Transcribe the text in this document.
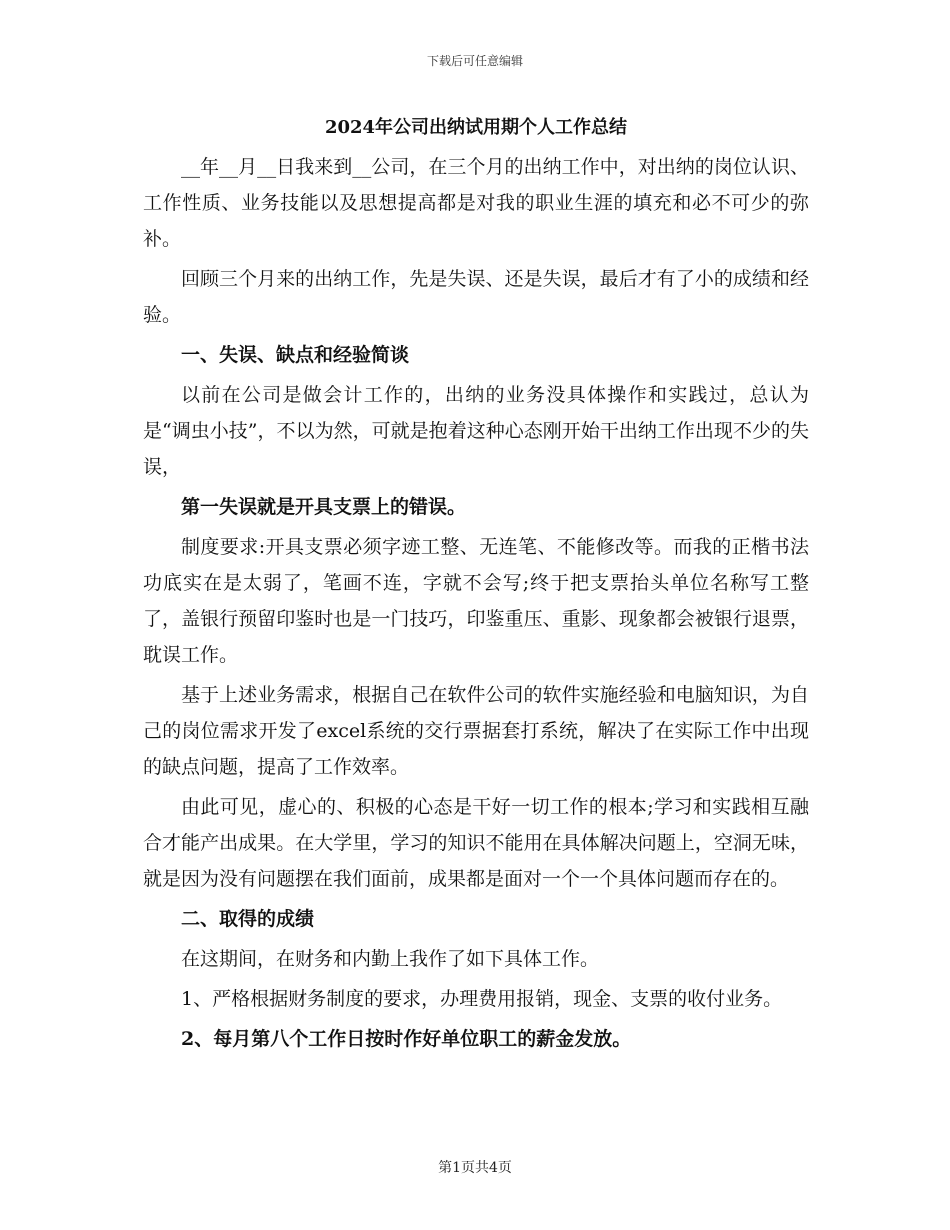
下载后可任意编辑
2024年公司出纳试用期个人工作总结

__年__月__日我来到__公司，在三个月的出纳工作中，对出纳的岗位认识、工作性质、业务技能以及思想提高都是对我的职业生涯的填充和必不可少的弥补。

回顾三个月来的出纳工作，先是失误、还是失误，最后才有了小的成绩和经验。

一、失误、缺点和经验简谈

以前在公司是做会计工作的，出纳的业务没具体操作和实践过，总认为是“调虫小技”，不以为然，可就是抱着这种心态刚开始干出纳工作出现不少的失误，

第一失误就是开具支票上的错误。

制度要求:开具支票必须字迹工整、无连笔、不能修改等。而我的正楷书法功底实在是太弱了，笔画不连，字就不会写;终于把支票抬头单位名称写工整了，盖银行预留印鉴时也是一门技巧，印鉴重压、重影、现象都会被银行退票，耽误工作。

基于上述业务需求，根据自己在软件公司的软件实施经验和电脑知识，为自己的岗位需求开发了excel系统的交行票据套打系统，解决了在实际工作中出现的缺点问题，提高了工作效率。

由此可见，虚心的、积极的心态是干好一切工作的根本;学习和实践相互融合才能产出成果。在大学里，学习的知识不能用在具体解决问题上，空洞无味，就是因为没有问题摆在我们面前，成果都是面对一个一个具体问题而存在的。

二、取得的成绩

在这期间，在财务和内勤上我作了如下具体工作。

1、严格根据财务制度的要求，办理费用报销，现金、支票的收付业务。

2、每月第八个工作日按时作好单位职工的薪金发放。

第1页共4页
